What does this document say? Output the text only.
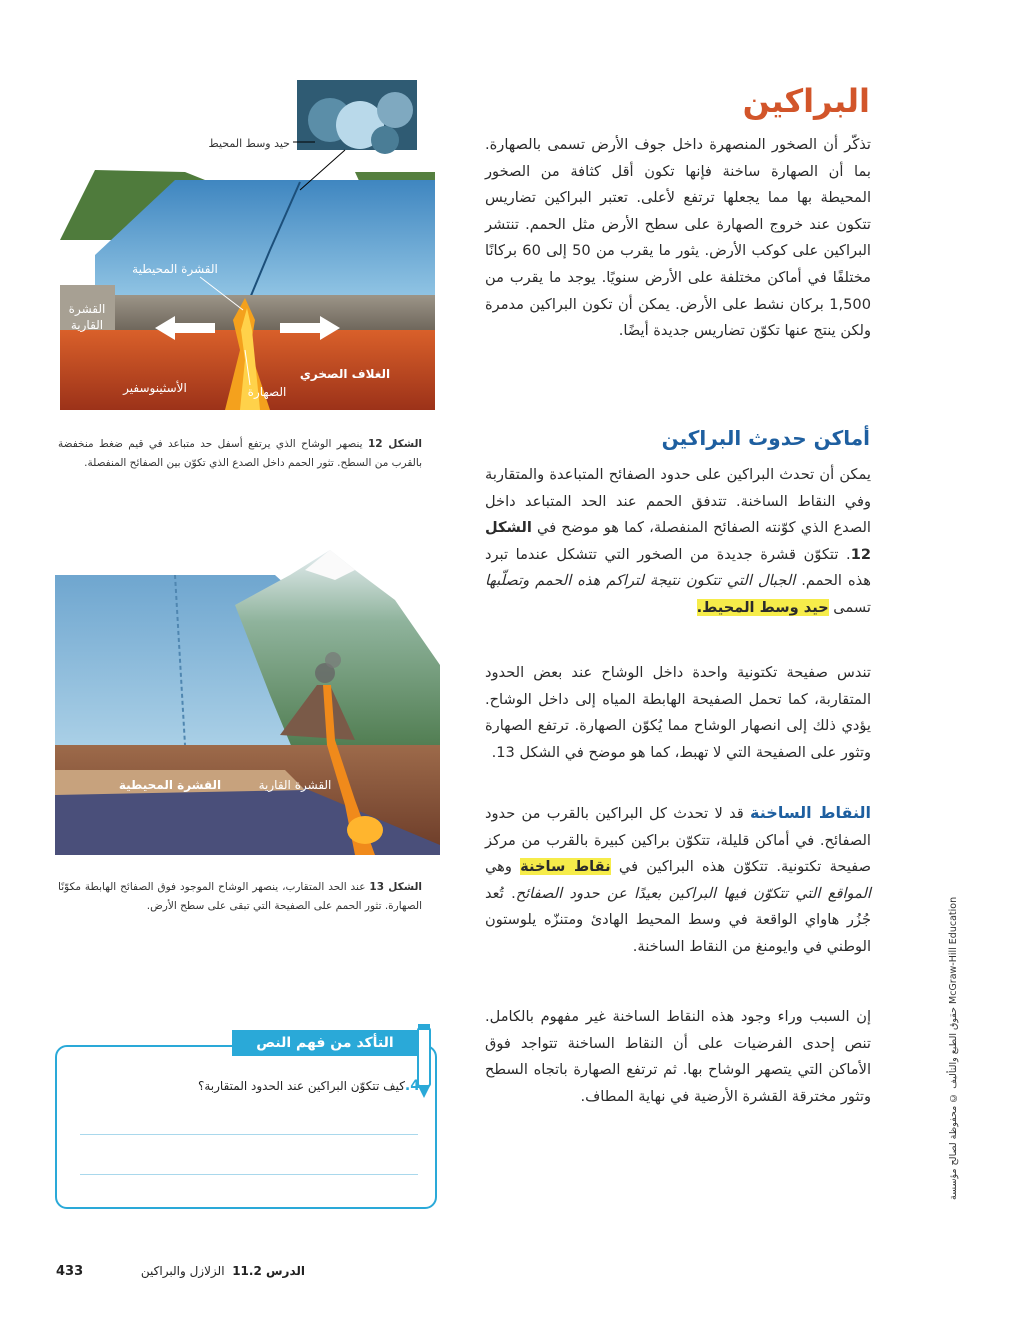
البراكين
تذكّر أن الصخور المنصهرة داخل جوف الأرض تسمى بالصهارة. بما أن الصهارة ساخنة فإنها تكون أقل كثافة من الصخور المحيطة بها مما يجعلها ترتفع لأعلى. تعتبر البراكين تضاريس تتكون عند خروج الصهارة على سطح الأرض مثل الحمم. تنتشر البراكين على كوكب الأرض. يثور ما يقرب من 50 إلى 60 بركانًا مختلفًا في أماكن مختلفة على الأرض سنويًا. يوجد ما يقرب من 1,500 بركان نشط على الأرض. يمكن أن تكون البراكين مدمرة ولكن ينتج عنها تكوّن تضاريس جديدة أيضًا.
أماكن حدوث البراكين
يمكن أن تحدث البراكين على حدود الصفائح المتباعدة والمتقاربة وفي النقاط الساخنة. تتدفق الحمم عند الحد المتباعد داخل الصدع الذي كوّنته الصفائح المنفصلة، كما هو موضح في الشكل 12. تتكوّن قشرة جديدة من الصخور التي تتشكل عندما تبرد هذه الحمم. الجبال التي تتكون نتيجة لتراكم هذه الحمم وتصلّبها تسمى حيد وسط المحيط.
تندس صفيحة تكتونية واحدة داخل الوشاح عند بعض الحدود المتقاربة، كما تحمل الصفيحة الهابطة المياه إلى داخل الوشاح. يؤدي ذلك إلى انصهار الوشاح مما يُكوّن الصهارة. ترتفع الصهارة وتثور على الصفيحة التي لا تهبط، كما هو موضح في الشكل 13.
النقاط الساخنة قد لا تحدث كل البراكين بالقرب من حدود الصفائح. في أماكن قليلة، تتكوّن براكين كبيرة بالقرب من مركز صفيحة تكتونية. تتكوّن هذه البراكين في نقاط ساخنة وهي المواقع التي تتكوّن فيها البراكين بعيدًا عن حدود الصفائح. تُعد جُزُر هاواي الواقعة في وسط المحيط الهادئ ومتنزّه يلوستون الوطني في وايومنغ من النقاط الساخنة.
إن السبب وراء وجود هذه النقاط الساخنة غير مفهوم بالكامل. تنص إحدى الفرضيات على أن النقاط الساخنة تتواجد فوق الأماكن التي يتصهر الوشاح بها. ثم ترتفع الصهارة باتجاه السطح وتثور مخترقة القشرة الأرضية في نهاية المطاف.
حيد وسط المحيط
القشرة المحيطية
القشرة
القارية
الغلاف الصخري
الأسثينوسفير	الصهارة
الشكل 12 ينصهر الوشاح الذي يرتفع أسفل حد متباعد في قيم ضغط منخفضة بالقرب من السطح. تثور الحمم داخل الصدع الذي تكوّن بين الصفائح المنفصلة.
القشرة المحيطية	القشرة القارية
الشكل 13 عند الحد المتقارب، ينصهر الوشاح الموجود فوق الصفائح الهابطة مكوّنًا الصهارة. تثور الحمم على الصفيحة التي تبقى على سطح الأرض.
التأكد من فهم النص
4.كيف تتكوّن البراكين عند الحدود المتقاربة؟	حقوق الطبع والتأليف © محفوظة لصالح مؤسسة McGraw-Hill Education
433	الدرس 11.2  الزلازل والبراكين
